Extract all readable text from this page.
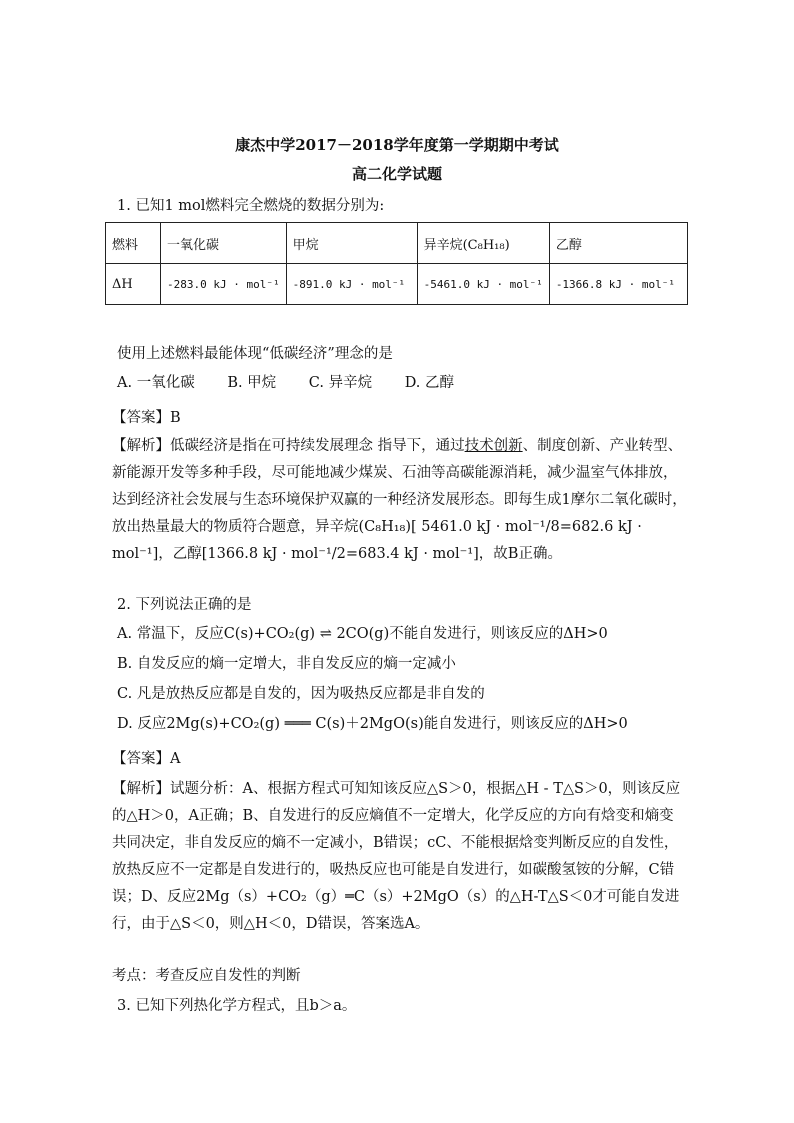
康杰中学2017－2018学年度第一学期期中考试
高二化学试题
1. 已知1 mol燃料完全燃烧的数据分别为:
燃料	一氧化碳	甲烷	异辛烷(C₈H₁₈)	乙醇
ΔH	-283.0 kJ · mol⁻¹	-891.0 kJ · mol⁻¹	-5461.0 kJ · mol⁻¹	-1366.8 kJ · mol⁻¹
使用上述燃料最能体现“低碳经济”理念的是
A. 一氧化碳 B. 甲烷 C. 异辛烷 D. 乙醇
【答案】B
【解析】低碳经济是指在可持续发展理念 指导下，通过技术创新、制度创新、产业转型、新能源开发等多种手段，尽可能地减少煤炭、石油等高碳能源消耗，减少温室气体排放，达到经济社会发展与生态环境保护双赢的一种经济发展形态。即每生成1摩尔二氧化碳时，放出热量最大的物质符合题意，异辛烷(C₈H₁₈)[ 5461.0 kJ · mol⁻¹/8=682.6 kJ · mol⁻¹]，乙醇[1366.8 kJ · mol⁻¹/2=683.4 kJ · mol⁻¹]，故B正确。
2. 下列说法正确的是
A. 常温下，反应C(s)+CO₂(g) ⇌ 2CO(g)不能自发进行，则该反应的ΔH>0
B. 自发反应的熵一定增大，非自发反应的熵一定减小
C. 凡是放热反应都是自发的，因为吸热反应都是非自发的
D. 反应2Mg(s)+CO₂(g) ═══ C(s)＋2MgO(s)能自发进行，则该反应的ΔH>0
【答案】A
【解析】试题分析：A、根据方程式可知知该反应△S＞0，根据△H - T△S＞0，则该反应的△H＞0，A正确；B、自发进行的反应熵值不一定增大，化学反应的方向有焓变和熵变共同决定，非自发反应的熵不一定减小，B错误；cC、不能根据焓变判断反应的自发性，放热反应不一定都是自发进行的，吸热反应也可能是自发进行，如碳酸氢铵的分解，C错误；D、反应2Mg（s）+CO₂（g）═C（s）+2MgO（s）的△H-T△S＜0才可能自发进行，由于△S＜0，则△H＜0，D错误，答案选A。
考点：考查反应自发性的判断
3. 已知下列热化学方程式，且b＞a。
